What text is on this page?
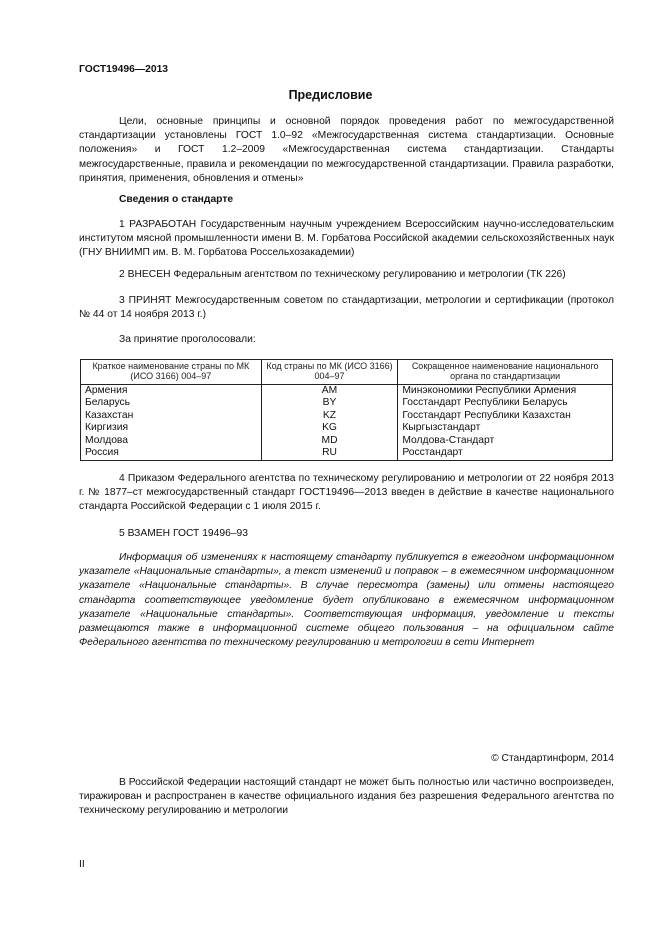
ГОСТ19496—2013
Предисловие
Цели, основные принципы и основной порядок проведения работ по межгосударственной стандартизации установлены ГОСТ 1.0–92 «Межгосударственная система стандартизации. Основные положения» и ГОСТ 1.2–2009 «Межгосударственная система стандартизации. Стандарты межгосударственные, правила и рекомендации по межгосударственной стандартизации. Правила разработки, принятия, применения, обновления и отмены»
Сведения о стандарте
1 РАЗРАБОТАН Государственным научным учреждением Всероссийским научно-исследовательским институтом мясной промышленности имени В. М. Горбатова Российской академии сельскохозяйственных наук (ГНУ ВНИИМП им. В. М. Горбатова Россельхозакадемии)
2 ВНЕСЕН Федеральным агентством по техническому регулированию и метрологии (ТК 226)
3 ПРИНЯТ Межгосударственным советом по стандартизации, метрологии и сертификации (протокол № 44 от 14 ноября 2013 г.)
За принятие проголосовали:
Краткое наименование страны по МК (ИСО 3166) 004–97	Код страны по МК (ИСО 3166) 004–97	Сокращенное наименование национального органа по стандартизации
Армения	AM	Минэкономики Республики Армения
Беларусь	BY	Госстандарт Республики Беларусь
Казахстан	KZ	Госстандарт Республики Казахстан
Киргизия	KG	Кыргызстандарт
Молдова	MD	Молдова-Стандарт
Россия	RU	Росстандарт
4 Приказом Федерального агентства по техническому регулированию и метрологии от 22 ноября 2013 г. № 1877–ст межгосударственный стандарт ГОСТ19496—2013 введен в действие в качестве национального стандарта Российской Федерации с 1 июля 2015 г.
5 ВЗАМЕН ГОСТ 19496–93
Информация об изменениях к настоящему стандарту публикуется в ежегодном информационном указателе «Национальные стандарты», а текст изменений и поправок – в ежемесячном информационном указателе «Национальные стандарты». В случае пересмотра (замены) или отмены настоящего стандарта соответствующее уведомление будет опубликовано в ежемесячном информационном указателе «Национальные стандарты». Соответствующая информация, уведомление и тексты размещаются также в информационной системе общего пользования – на официальном сайте Федерального агентства по техническому регулированию и метрологии в сети Интернет
© Стандартинформ, 2014
В Российской Федерации настоящий стандарт не может быть полностью или частично воспроизведен, тиражирован и распространен в качестве официального издания без разрешения Федерального агентства по техническому регулированию и метрологии
II
